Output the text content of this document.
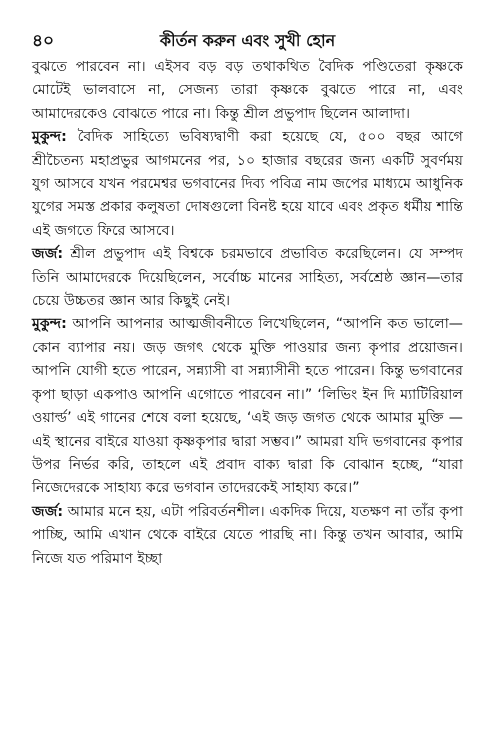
৪০	কীর্তন করুন এবং সুখী হোন

বুঝতে পারবেন না। এইসব বড় বড় তথাকথিত বৈদিক পণ্ডিতেরা কৃষ্ণকে মোটেই ভালবাসে না, সেজন্য তারা কৃষ্ণকে বুঝতে পারে না, এবং আমাদেরকেও বোঝতে পারে না। কিন্তু শ্রীল প্রভুপাদ ছিলেন আলাদা।

মুকুন্দ: বৈদিক সাহিত্যে ভবিষ্যদ্বাণী করা হয়েছে যে, ৫০০ বছর আগে শ্রীচৈতন্য মহাপ্রভুর আগমনের পর, ১০ হাজার বছরের জন্য একটি সুবর্ণময় যুগ আসবে যখন পরমেশ্বর ভগবানের দিব্য পবিত্র নাম জপের মাধ্যমে আধুনিক যুগের সমস্ত প্রকার কলুষতা দোষগুলো বিনষ্ট হয়ে যাবে এবং প্রকৃত ধর্মীয় শান্তি এই জগতে ফিরে আসবে।

জর্জ: শ্রীল প্রভুপাদ এই বিশ্বকে চরমভাবে প্রভাবিত করেছিলেন। যে সম্পদ তিনি আমাদেরকে দিয়েছিলেন, সর্বোচ্চ মানের সাহিত্য, সর্বশ্রেষ্ঠ জ্ঞান—তার চেয়ে উচ্চতর জ্ঞান আর কিছুই নেই।

মুকুন্দ: আপনি আপনার আত্মজীবনীতে লিখেছিলেন, “আপনি কত ভালো—কোন ব্যাপার নয়। জড় জগৎ থেকে মুক্তি পাওয়ার জন্য কৃপার প্রয়োজন। আপনি যোগী হতে পারেন, সন্ন্যাসী বা সন্ন্যাসীনী হতে পারেন। কিন্তু ভগবানের কৃপা ছাড়া একপাও আপনি এগোতে পারবেন না।” ‘লিভিং ইন দি ম্যাটিরিয়াল ওয়ার্ল্ড’ এই গানের শেষে বলা হয়েছে, ‘এই জড় জগত থেকে আমার মুক্তি —এই স্থানের বাইরে যাওয়া কৃষ্ণকৃপার দ্বারা সম্ভব।” আমরা যদি ভগবানের কৃপার উপর নির্ভর করি, তাহলে এই প্রবাদ বাক্য দ্বারা কি বোঝান হচ্ছে, “যারা নিজেদেরকে সাহায্য করে ভগবান তাদেরকেই সাহায্য করে।”

জর্জ: আমার মনে হয়, এটা পরিবর্তনশীল। একদিক দিয়ে, যতক্ষণ না তাঁর কৃপা পাচ্ছি, আমি এখান থেকে বাইরে যেতে পারছি না। কিন্তু তখন আবার, আমি নিজে যত পরিমাণ ইচ্ছা
